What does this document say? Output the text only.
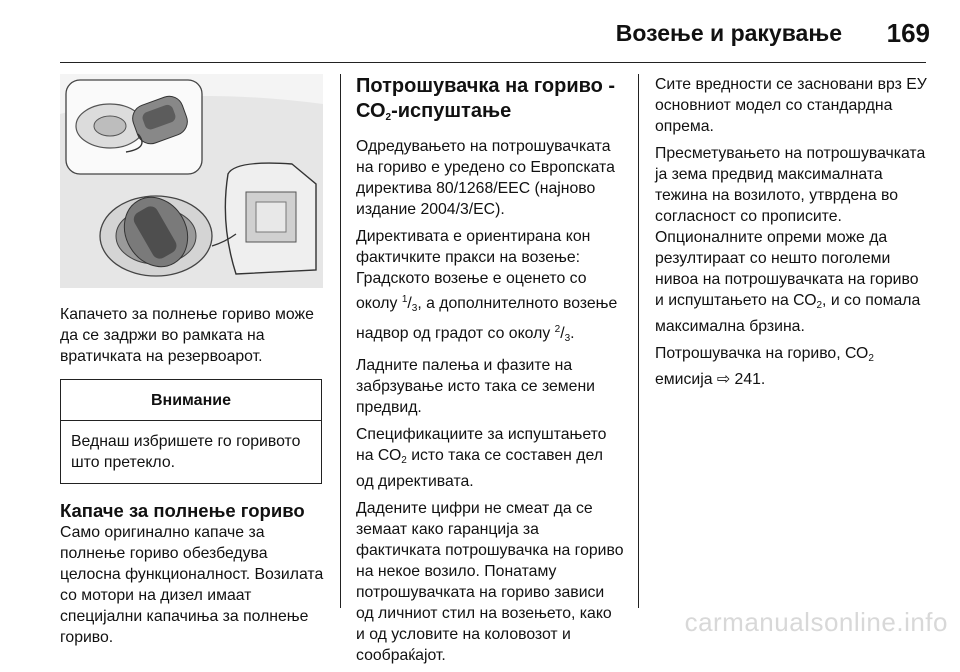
Возење и ракување 169

Капачето за полнење гориво може да се задржи во рамката на вратичката на резервоарот.

Внимание
Веднаш избришете го горивото што претекло.
Капаче за полнење гориво

Само оригинално капаче за полнење гориво обезбедува целосна функционалност. Возилата со мотори на дизел имаат специјални капачиња за полнење гориво.

Потрошувачка на гориво -
$СО_2$-испуштање

Одредувањето на потрошувачката на гориво е уредено со Европската директива 80/1268/EEC (најново издание 2004/3/EC).

Директивата е ориентирана кон фактичките пракси на возење: Градското возење е оценето со околу $^1/_3$, а дополнителното возење надвор од градот со околу $^2/_3$.

Ладните палења и фазите на забрзување исто така се земени предвид.

Спецификациите за испуштањето на $СО_2$ исто така се составен дел од директивата.

Дадените цифри не смеат да се земаат како гаранција за фактичката потрошувачка на гориво на некое возило. Понатаму потрошувачката на гориво зависи од личниот стил на возењето, како и од условите на коловозот и сообраќајот.

Сите вредности се засновани врз ЕУ основниот модел со стандардна опрема.

Пресметувањето на потрошувачката ја зема предвид максималната тежина на возилото, утврдена во согласност со прописите. Опционалните опреми може да резултираат со нешто поголеми нивоа на потрошувачката на гориво и испуштањето на $СО_2$, и со помала максимална брзина.

Потрошувачка на гориво, $СО_2$ емисија ⇨ 241.

carmanualsonline.info
